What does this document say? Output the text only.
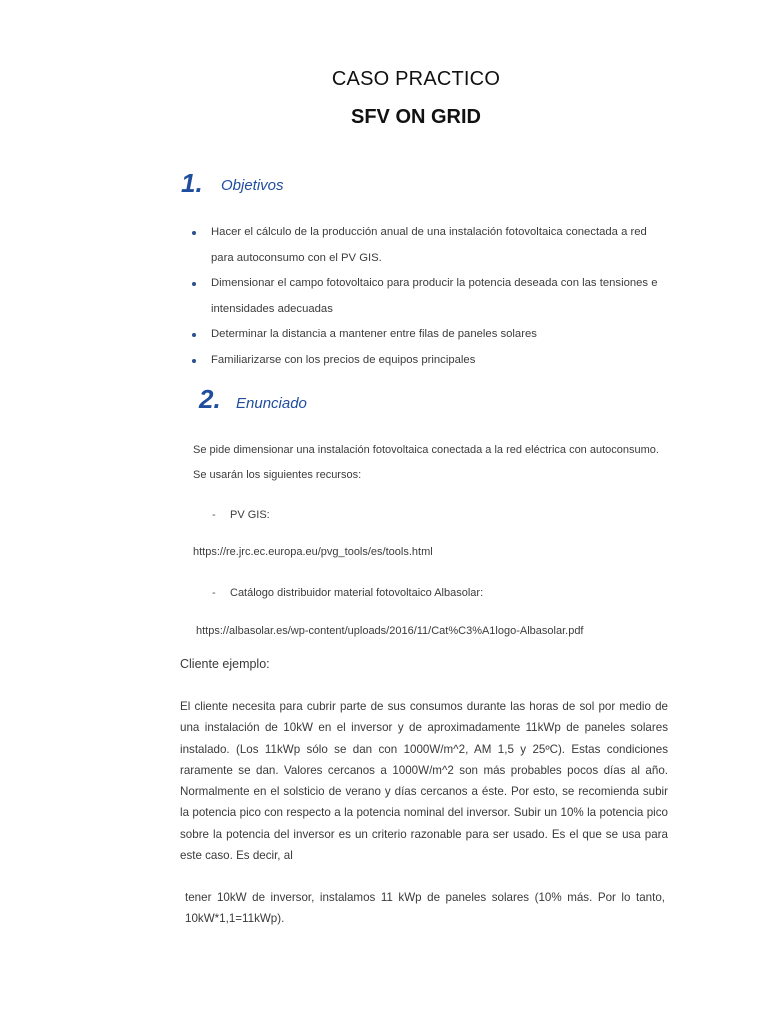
CASO PRACTICO
SFV ON GRID
1. Objetivos
Hacer el cálculo de la producción anual de una instalación fotovoltaica conectada a red para autoconsumo con el PV GIS.
Dimensionar el campo fotovoltaico para producir la potencia deseada con las tensiones e intensidades adecuadas
Determinar la distancia a mantener entre filas de paneles solares
Familiarizarse con los precios de equipos principales
2. Enunciado
Se pide dimensionar una instalación fotovoltaica conectada a la red eléctrica con autoconsumo.
Se usarán los siguientes recursos:
- PV GIS:
https://re.jrc.ec.europa.eu/pvg_tools/es/tools.html
- Catálogo distribuidor material fotovoltaico Albasolar:
https://albasolar.es/wp-content/uploads/2016/11/Cat%C3%A1logo-Albasolar.pdf
Cliente ejemplo:
El cliente necesita para cubrir parte de sus consumos durante las horas de sol por medio de una instalación de 10kW en el inversor y de aproximadamente 11kWp de paneles solares instalado. (Los 11kWp sólo se dan con 1000W/m^2, AM 1,5 y 25ºC). Estas condiciones raramente se dan. Valores cercanos a 1000W/m^2 son más probables pocos días al año. Normalmente en el solsticio de verano y días cercanos a éste. Por esto, se recomienda subir la potencia pico con respecto a la potencia nominal del inversor. Subir un 10% la potencia pico sobre la potencia del inversor es un criterio razonable para ser usado. Es el que se usa para este caso. Es decir, al
tener 10kW de inversor, instalamos 11 kWp de paneles solares (10% más. Por lo tanto, 10kW*1,1=11kWp).
